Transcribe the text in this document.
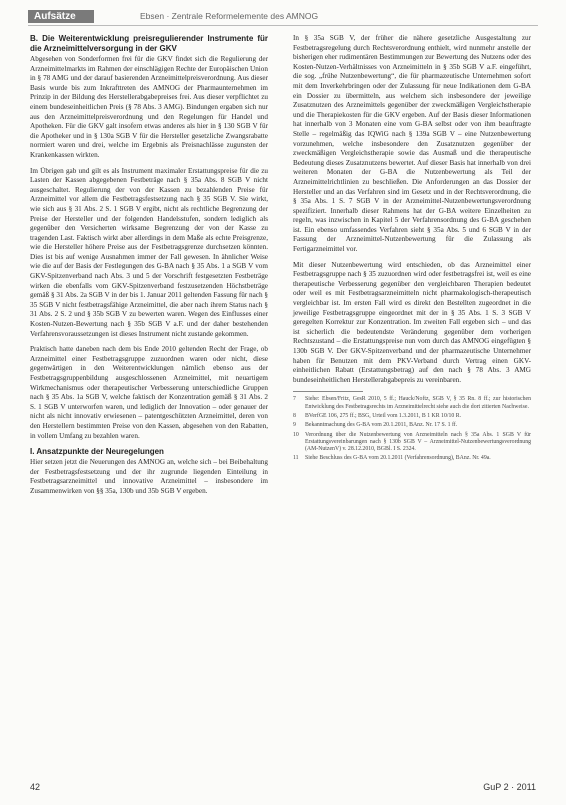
Aufsätze	Ebsen · Zentrale Reformelemente des AMNOG
B. Die Weiterentwicklung preisregulierender Instrumente für die Arzneimittelversorgung in der GKV

Abgesehen von Sonderformen frei für die GKV findet sich die Regulierung der Arzneimittelmarkts im Rahmen der einschlägigen Rechte der Europäischen Union in § 78 AMG und der darauf basierenden Arzneimittelpreisverordnung. Aus dieser Basis wurde bis zum Inkrafttreten des AMNOG der Pharmaunternehmen im Prinzip in der Bildung des Herstellerabgabepreises frei. Aus dieser verpflichtet zu einem bundeseinheitlichen Preis (§ 78 Abs. 3 AMG). Bindungen ergaben sich nur aus den Arzneimittelpreisverordnung und den Regelungen für Handel und Apotheken. Für die GKV galt insofern etwas anderes als hier in § 130 SGB V für die Apotheker und in § 130a SGB V für die Hersteller gesetzliche Zwangsrabatte normiert waren und drei, welche im Ergebnis als Preisnachlässe zugunsten der Krankenkassen wirkten.

Im Übrigen gab und gilt es als Instrument maximaler Erstattungspreise für die zu Lasten der Kassen abgegebenen Festbeträge nach § 35a Abs. 8 SGB V nicht ausgeschaltet. Regulierung der von der Kassen zu bezahlenden Preise für Arzneimittel vor allem die Festbetragsfestsetzung nach § 35 SGB V. Sie wirkt, wie sich aus § 31 Abs. 2 S. 1 SGB V ergibt, nicht als rechtliche Begrenzung der Preise der Hersteller und der folgenden Handelsstufen, sondern lediglich als gegenüber den Versicherten wirksame Begrenzung der von der Kasse zu tragenden Last. Faktisch wirkt aber allerdings in dem Maße als echte Preisgrenze, wie die Hersteller höhere Preise aus der Festbetragsgrenze durchsetzen könnten. Dies ist bis auf wenige Ausnahmen immer der Fall gewesen. In ähnlicher Weise wie die auf der Basis der Festlegungen des G-BA nach § 35 Abs. 1 a SGB V vom GKV-Spitzenverband nach Abs. 3 und 5 der Vorschrift festgesetzten Festbeträge wirken die ebenfalls vom GKV-Spitzenverband festzusetzenden Höchstbeträge gemäß § 31 Abs. 2a SGB V in der bis 1. Januar 2011 geltenden Fassung für nach § 35 SGB V nicht festbetragsfähige Arzneimittel, die aber nach ihrem Status nach § 31 Abs. 2 S. 2 und § 35b SGB V zu bewerten waren. Wegen des Einflusses einer Kosten-Nutzen-Bewertung nach § 35b SGB V a.F. und der daher bestehenden Verfahrensvoraussetzungen ist dieses Instrument nicht zustande gekommen.

Praktisch hatte daneben nach dem bis Ende 2010 geltenden Recht der Frage, ob Arzneimittel einer Festbetragsgruppe zuzuordnen waren oder nicht, diese gegenwärtigen in den Weiterentwicklungen nämlich ebenso aus der Festbetragsgruppenbildung ausgeschlossenen Arzneimittel, mit neuartigem Wirkmechanismus oder therapeutischer Verbesserung unterschiedliche Gruppen nach § 35 Abs. 1a SGB V, welche faktisch der Konzentration gemäß § 31 Abs. 2 S. 1 SGB V unterworfen waren, und lediglich der Innovation – oder genauer der nicht als nicht innovativ erwiesenen – patentgeschützten Arzneimittel, deren von den Herstellern bestimmten Preise von den Kassen, abgesehen von den Rabatten, in vollem Umfang zu bezahlen waren.

I. Ansatzpunkte der Neuregelungen

Hier setzen jetzt die Neuerungen des AMNOG an, welche sich – bei Beibehaltung der Festbetragsfestsetzung und der ihr zugrunde liegenden Einteilung in Festbetragsarzneimittel und innovative Arzneimittel – insbesondere im Zusammenwirken von §§ 35a, 130b und 35b SGB V ergeben.

In § 35a SGB V, der früher die nähere gesetzliche Ausgestaltung zur Festbetragsregelung durch Rechtsverordnung enthielt, wird nunmehr anstelle der bisherigen eher rudimentären Bestimmungen zur Bewertung des Nutzens oder des Kosten-Nutzen-Verhältnisses von Arzneimitteln in § 35b SGB V a.F. eingeführt, die sog. „frühe Nutzenbewertung“, die für pharmazeutische Unternehmen sofort mit dem Inverkehrbringen oder der Zulassung für neue Indikationen dem G-BA ein Dossier zu übermitteln, aus welchem sich insbesondere der jeweilige Zusatznutzen des Arzneimittels gegenüber der zweckmäßigen Vergleichstherapie und die Therapiekosten für die GKV ergeben. Auf der Basis dieser Informationen hat innerhalb von 3 Monaten eine vom G-BA selbst oder von ihm beauftragte Stelle – regelmäßig das IQWiG nach § 139a SGB V – eine Nutzenbewertung vorzunehmen, welche insbesondere den Zusatznutzen gegenüber der zweckmäßigen Vergleichstherapie sowie das Ausmaß und die therapeutische Bedeutung dieses Zusatznutzens bewertet. Auf dieser Basis hat innerhalb von drei weiteren Monaten der G-BA die Nutzenbewertung als Teil der Arzneimittelrichtlinien zu beschließen. Die Anforderungen an das Dossier der Hersteller und an das Verfahren sind im Gesetz und in der Rechtsverordnung, die § 35a Abs. 1 S. 7 SGB V in der Arzneimittel-Nutzenbewertungsverordnung spezifiziert. Innerhalb dieser Rahmens hat der G-BA weitere Einzelheiten zu regeln, was inzwischen in Kapitel 5 der Verfahrensordnung des G-BA geschehen ist. Ein ebenso umfassendes Verfahren sieht § 35a Abs. 5 und 6 SGB V in der Fassung der Arzneimittel-Nutzenbewertung für die Zulassung als Fertigarzneimittel vor.

Mit dieser Nutzenbewertung wird entschieden, ob das Arzneimittel einer Festbetragsgruppe nach § 35 zuzuordnen wird oder festbetragsfrei ist, weil es eine therapeutische Verbesserung gegenüber den vergleichbaren Therapien bedeutet oder weil es mit Festbetragsarzneimitteln nicht pharmakologisch-therapeutisch vergleichbar ist. Im ersten Fall wird es direkt den Bestellten zugeordnet in die jeweilige Festbetragsgruppe eingeordnet mit der in § 35 Abs. 1 S. 3 SGB V geregelten Korrektur zur Konzentration. Im zweiten Fall ergeben sich – und das ist sicherlich die bedeutendste Veränderung gegenüber dem vorherigen Rechtszustand – die Erstattungspreise nun vom durch das AMNOG eingefügten § 130b SGB V. Der GKV-Spitzenverband und der pharmazeutische Unternehmer haben für Benutzen mit dem PKV-Verband durch Vertrag einen GKV-einheitlichen Rabatt (Erstattungsbetrag) auf den nach § 78 Abs. 3 AMG bundeseinheitlichen Herstellerabgabepreis zu vereinbaren.

7	Siehe: Ebsen/Fritz, GesR 2010, 5 ff.; Hauck/Noftz, SGB V, § 35 Rn. 8 ff.; zur historischen Entwicklung des Festbetragsrechts im Arzneimittelrecht siehe auch die dort zitierten Nachweise.
8	BVerfGE 106, 275 ff.; BSG, Urteil vom 1.3.2011, B 1 KR 10/10 R.
9	Bekanntmachung des G-BA vom 20.1.2011, BAnz. Nr. 17 S. 1 ff.
10	Verordnung über die Nutzenbewertung von Arzneimitteln nach § 35a Abs. 1 SGB V für Erstattungsvereinbarungen nach § 130b SGB V – Arzneimittel-Nutzenbewertungsverordnung (AM-NutzenV) v. 28.12.2010, BGBl. I S. 2324.
11	Siehe Beschluss des G-BA vom 20.1.2011 (Verfahrensordnung), BAnz. Nr. 49a.
42	GuP 2 · 2011
